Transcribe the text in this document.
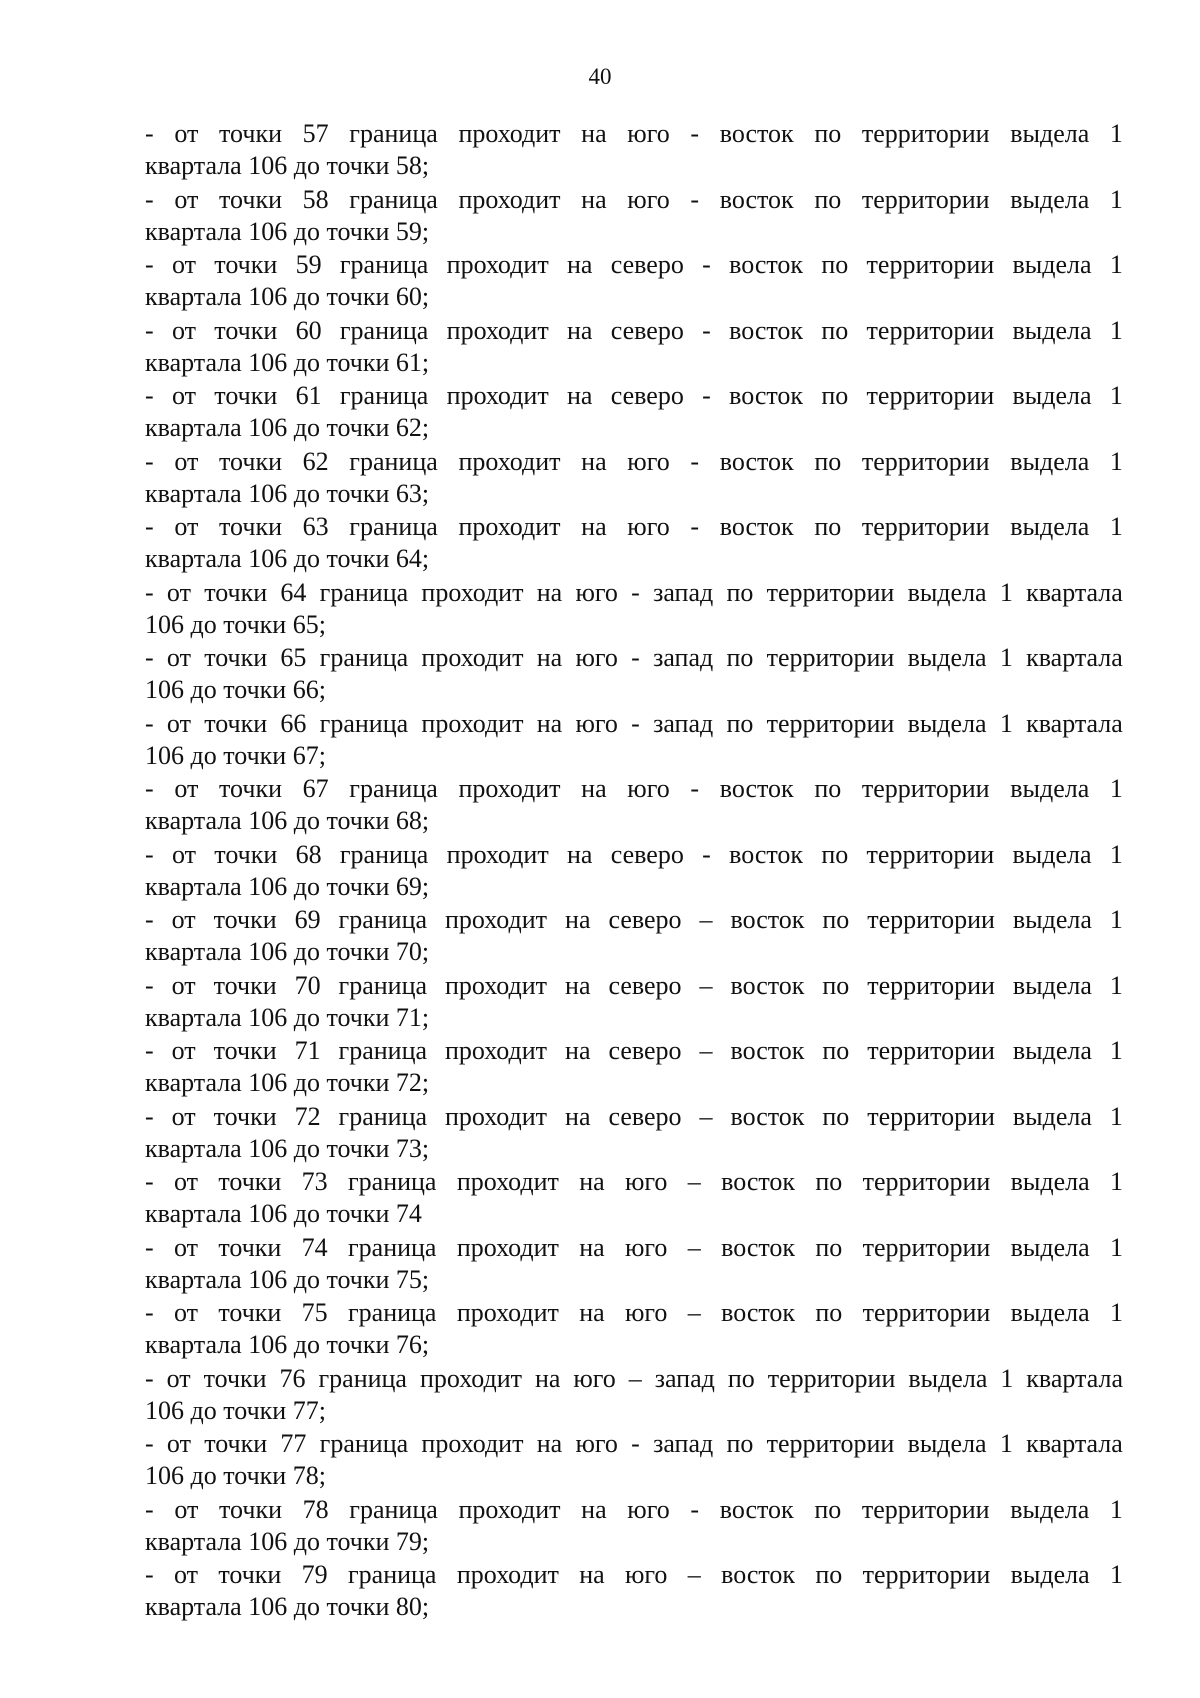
40
- от точки 57 граница проходит на юго - восток по территории выдела 1
квартала 106 до точки 58;
- от точки 58 граница проходит на юго - восток по территории выдела 1
квартала 106 до точки 59;
- от точки 59 граница проходит на северо - восток по территории выдела 1
квартала 106 до точки 60;
- от точки 60 граница проходит на северо - восток по территории выдела 1
квартала 106 до точки 61;
- от точки 61 граница проходит на северо - восток по территории выдела 1
квартала 106 до точки 62;
- от точки 62 граница проходит на юго - восток по территории выдела 1
квартала 106 до точки 63;
- от точки 63 граница проходит на юго - восток по территории выдела 1
квартала 106 до точки 64;
- от точки 64 граница проходит на юго - запад по территории выдела 1 квартала
106 до точки 65;
- от точки 65 граница проходит на юго - запад по территории выдела 1 квартала
106 до точки 66;
- от точки 66 граница проходит на юго - запад по территории выдела 1 квартала
106 до точки 67;
- от точки 67 граница проходит на юго - восток по территории выдела 1
квартала 106 до точки 68;
- от точки 68 граница проходит на северо - восток по территории выдела 1
квартала 106 до точки 69;
- от точки 69 граница проходит на северо – восток по территории выдела 1
квартала 106 до точки 70;
- от точки 70 граница проходит на северо – восток по территории выдела 1
квартала 106 до точки 71;
- от точки 71 граница проходит на северо – восток по территории выдела 1
квартала 106 до точки 72;
- от точки 72 граница проходит на северо – восток по территории выдела 1
квартала 106 до точки 73;
- от точки 73 граница проходит на юго – восток по территории выдела 1
квартала 106 до точки 74
- от точки 74 граница проходит на юго – восток по территории выдела 1
квартала 106 до точки 75;
- от точки 75 граница проходит на юго – восток по территории выдела 1
квартала 106 до точки 76;
- от точки 76 граница проходит на юго – запад по территории выдела 1 квартала
106 до точки 77;
- от точки 77 граница проходит на юго - запад по территории выдела 1 квартала
106 до точки 78;
- от точки 78 граница проходит на юго - восток по территории выдела 1
квартала 106 до точки 79;
- от точки 79 граница проходит на юго – восток по территории выдела 1
квартала 106 до точки 80;
